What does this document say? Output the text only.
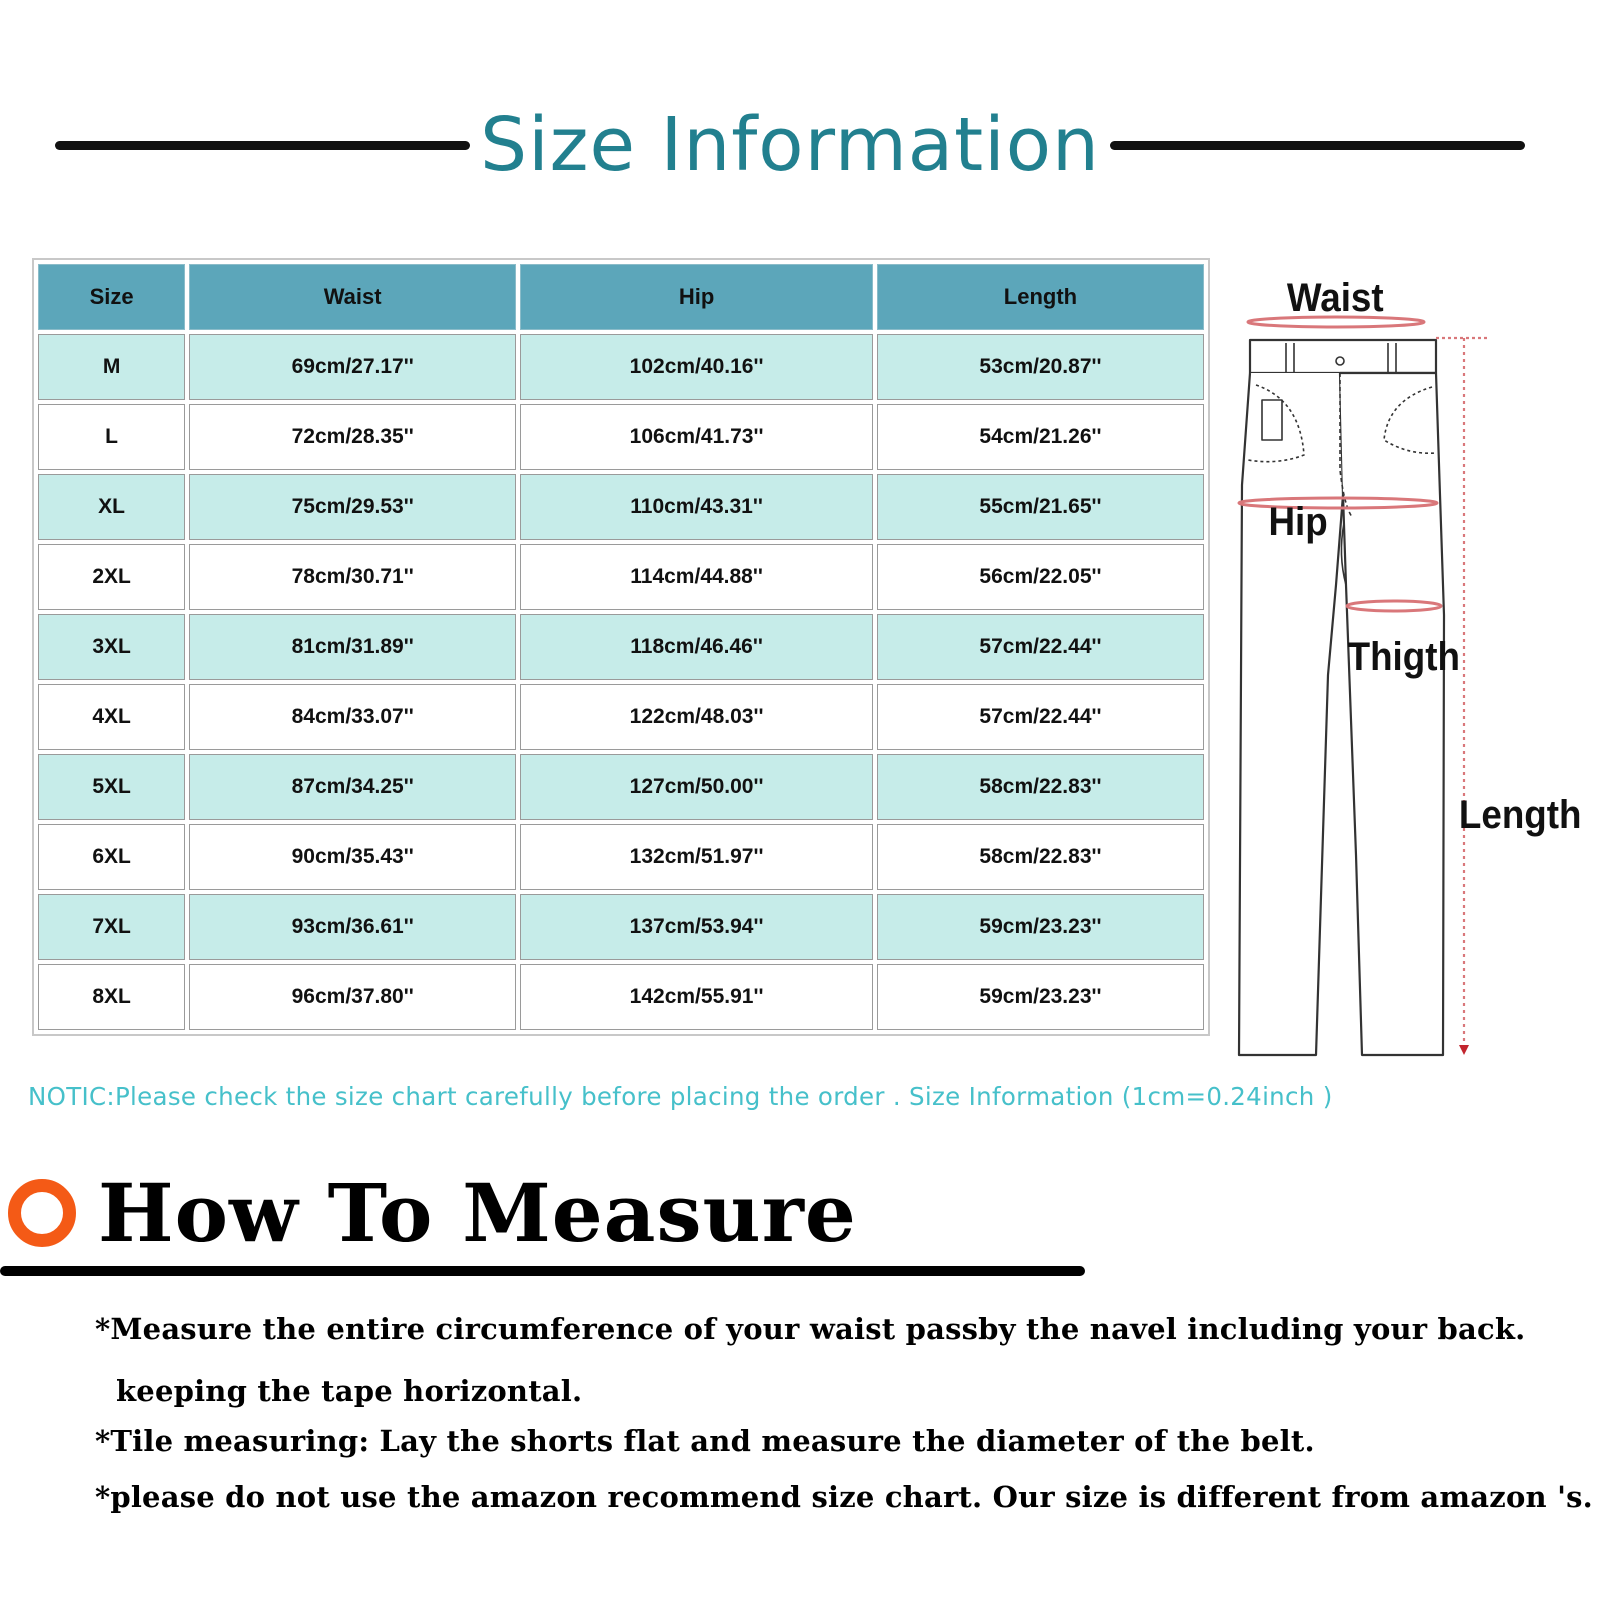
Size Information
Size	Waist	Hip	Length
M	69cm/27.17''	102cm/40.16''	53cm/20.87''
L	72cm/28.35''	106cm/41.73''	54cm/21.26''
XL	75cm/29.53''	110cm/43.31''	55cm/21.65''
2XL	78cm/30.71''	114cm/44.88''	56cm/22.05''
3XL	81cm/31.89''	118cm/46.46''	57cm/22.44''
4XL	84cm/33.07''	122cm/48.03''	57cm/22.44''
5XL	87cm/34.25''	127cm/50.00''	58cm/22.83''
6XL	90cm/35.43''	132cm/51.97''	58cm/22.83''
7XL	93cm/36.61''	137cm/53.94''	59cm/23.23''
8XL	96cm/37.80''	142cm/55.91''	59cm/23.23''
Waist
Hip
Thigth
Length
NOTIC:Please check the size chart carefully before placing the order . Size Information (1cm=0.24inch )
How To Measure
*Measure the entire circumference of your waist passby the navel including your back.
keeping the tape horizontal.
*Tile measuring: Lay the shorts flat and measure the diameter of the belt.
*please do not use the amazon recommend size chart. Our size is different from amazon 's.
